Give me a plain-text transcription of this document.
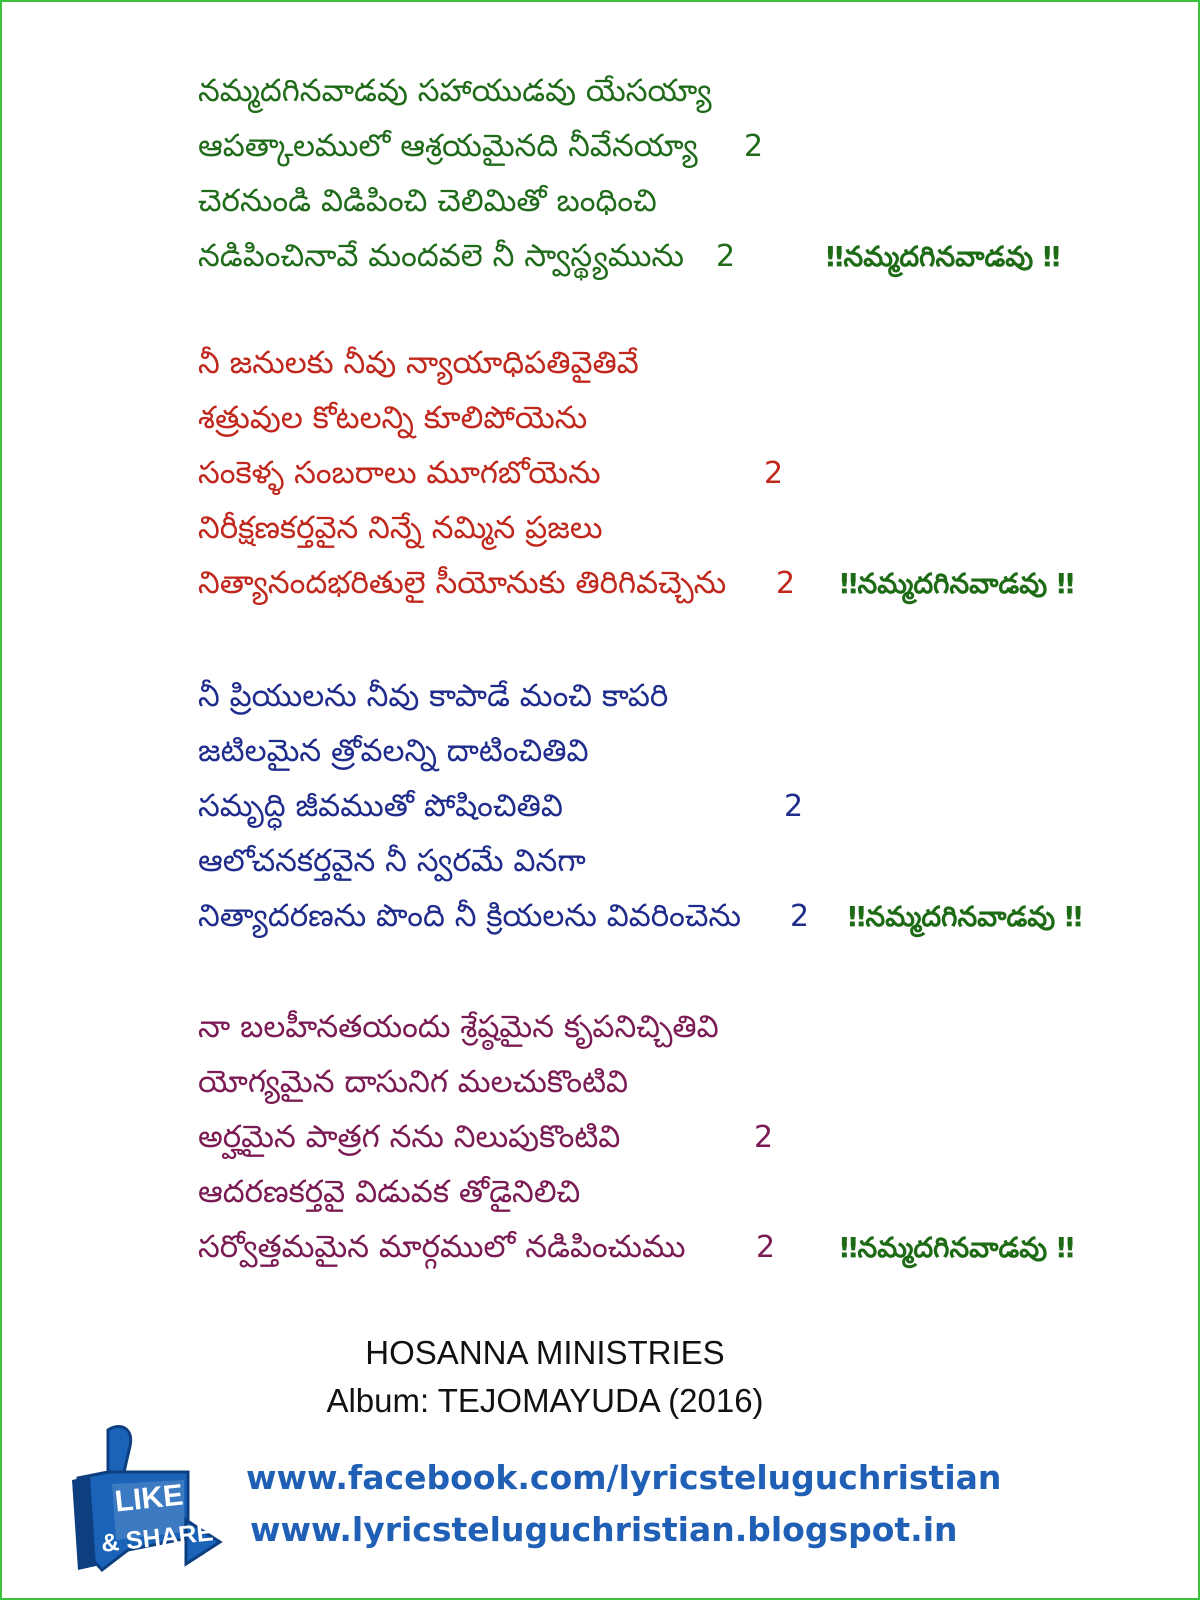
నమ్మదగినవాడవు సహాయుడవు యేసయ్యా
ఆపత్కాలములో ఆశ్రయమైనది నీవేనయ్యా 2
చెరనుండి విడిపించి చెలిమితో బంధించి
నడిపించినావే మందవలె నీ స్వాస్థ్యమును 2	‼నమ్మదగినవాడవు ‼
నీ జనులకు నీవు న్యాయాధిపతివైతివే
శత్రువుల కోటలన్ని కూలిపోయెను
సంకెళ్ళ సంబరాలు మూగబోయెను	2
నిరీక్షణకర్తవైన నిన్నే నమ్మిన ప్రజలు
నిత్యానందభరితులై సీయోనుకు తిరిగివచ్చెను 2 ‼నమ్మదగినవాడవు ‼
నీ ప్రియులను నీవు కాపాడే మంచి కాపరి
జటిలమైన త్రోవలన్ని దాటించితివి
సమృద్ధి జీవముతో పోషించితివి	2
ఆలోచనకర్తవైన నీ స్వరమే వినగా
నిత్యాదరణను పొంది నీ క్రియలను వివరించెను 2 ‼నమ్మదగినవాడవు ‼
నా బలహీనతయందు శ్రేష్ఠమైన కృపనిచ్చితివి
యోగ్యమైన దాసునిగ మలచుకొంటివి
అర్హమైన పాత్రగ నను నిలుపుకొంటివి	2
ఆదరణకర్తవై విడువక తోడైనిలిచి
సర్వోత్తమమైన మార్గములో నడిపించుము 2 ‼నమ్మదగినవాడవు ‼
HOSANNA MINISTRIES
Album: TEJOMAYUDA (2016)
LIKE
& SHARE
www.facebook.com/lyricsteluguchristian
www.lyricsteluguchristian.blogspot.in
